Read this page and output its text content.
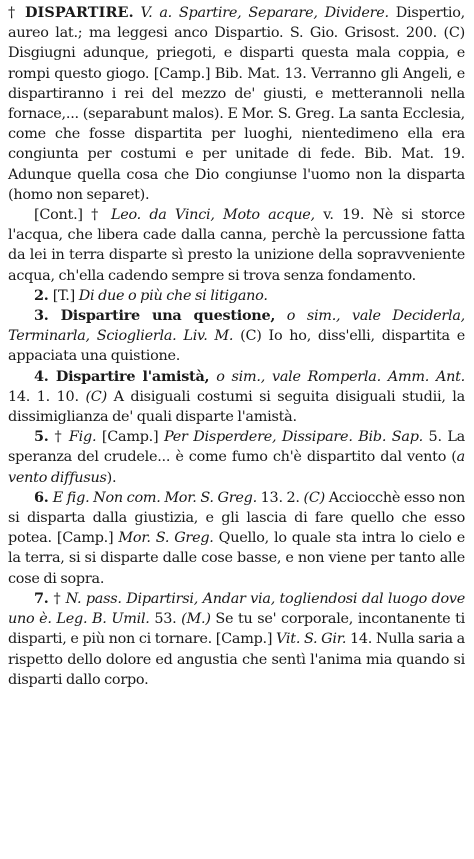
† DISPARTIRE. V. a. Spartire, Separare, Dividere. Dispertio, aureo lat.; ma leggesi anco Dispartio. S. Gio. Grisost. 200. (C) Disgiugni adunque, priegoti, e disparti questa mala coppia, e rompi questo giogo. [Camp.] Bib. Mat. 13. Verranno gli Angeli, e dispartiranno i rei del mezzo de' giusti, e metterannoli nella fornace,... (separabunt malos). E Mor. S. Greg. La santa Ecclesia, come che fosse dispartita per luoghi, nientedimeno ella era congiunta per costumi e per unitade di fede. Bib. Mat. 19. Adunque quella cosa che Dio congiunse l'uomo non la disparta (homo non separet).

[Cont.] † Leo. da Vinci, Moto acque, v. 19. Nè si storce l'acqua, che libera cade dalla canna, perchè la percussione fatta da lei in terra disparte sì presto la unizione della sopravveniente acqua, ch'ella cadendo sempre si trova senza fondamento.

2. [T.] Di due o più che si litigano.

3. Dispartire una questione, o sim., vale Deciderla, Terminarla, Scioglierla. Liv. M. (C) Io ho, diss'elli, dispartita e appaciata una quistione.

4. Dispartire l'amistà, o sim., vale Romperla. Amm. Ant. 14. 1. 10. (C) A disiguali costumi si seguita disiguali studii, la dissimiglianza de' quali disparte l'amistà.

5. † Fig. [Camp.] Per Disperdere, Dissipare. Bib. Sap. 5. La speranza del crudele... è come fumo ch'è dispartito dal vento (a vento diffusus).

6. E fig. Non com. Mor. S. Greg. 13. 2. (C) Acciocchè esso non si disparta dalla giustizia, e gli lascia di fare quello che esso potea. [Camp.] Mor. S. Greg. Quello, lo quale sta intra lo cielo e la terra, si si disparte dalle cose basse, e non viene per tanto alle cose di sopra.

7. † N. pass. Dipartirsi, Andar via, togliendosi dal luogo dove uno è. Leg. B. Umil. 53. (M.) Se tu se' corporale, incontanente ti disparti, e più non ci tornare. [Camp.] Vit. S. Gir. 14. Nulla saria a rispetto dello dolore ed angustia che sentì l'anima mia quando si disparti dallo corpo.
